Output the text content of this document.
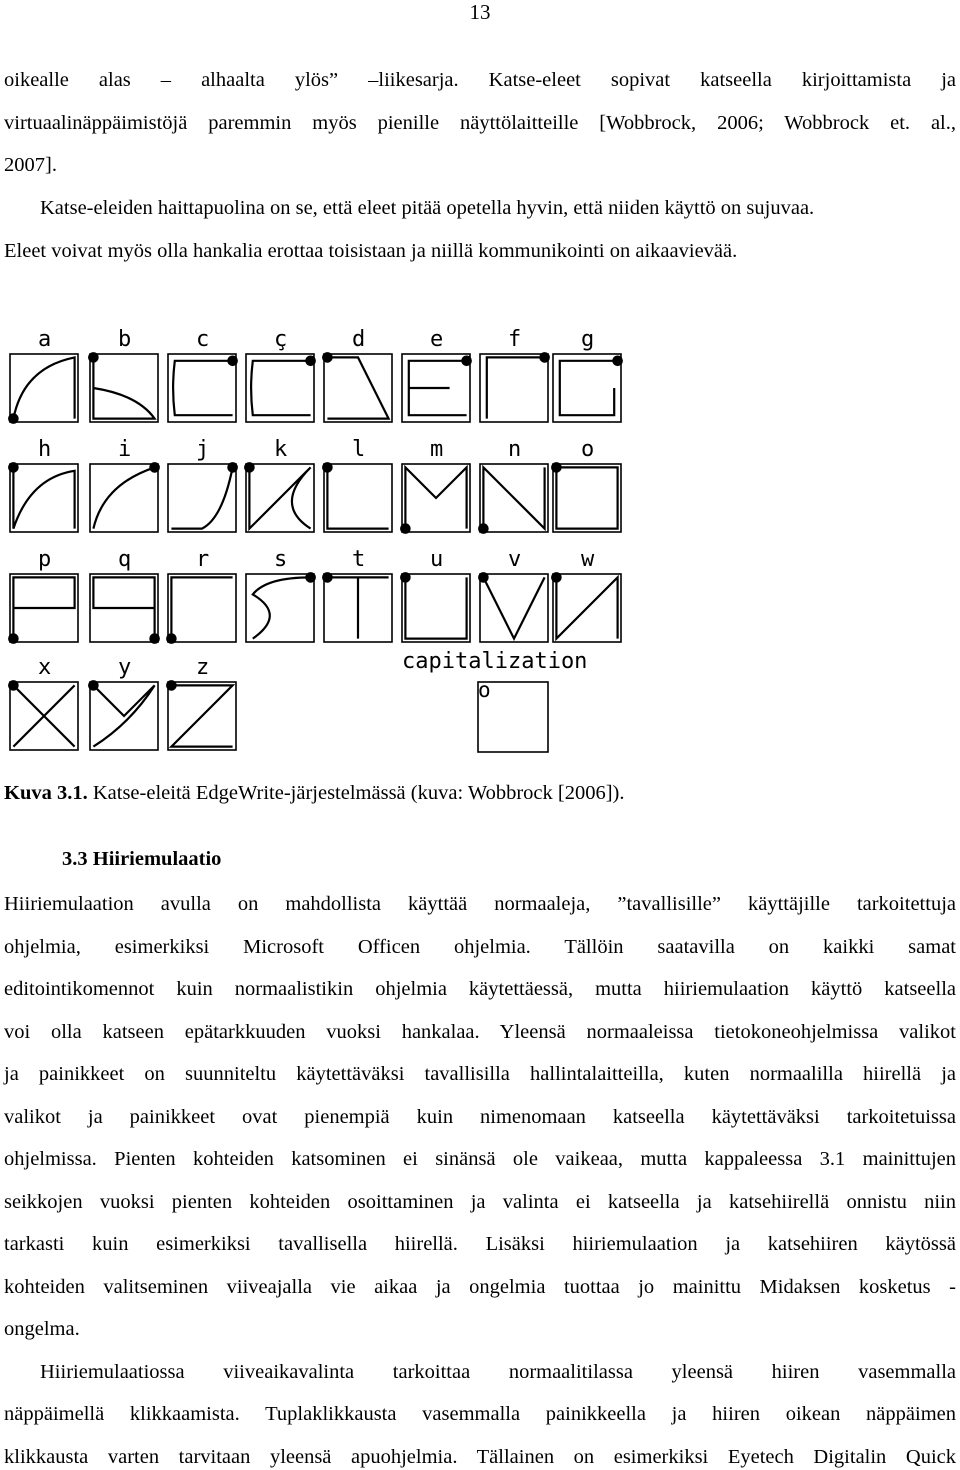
13
oikealle alas – alhaalta ylös” –liikesarja. Katse-eleet sopivat katseella kirjoittamista ja
virtuaalinäppäimistöjä paremmin myös pienille näyttölaitteille [Wobbrock, 2006; Wobbrock et. al.,
2007].
Katse-eleiden haittapuolina on se, että eleet pitää opetella hyvin, että niiden käyttö on sujuvaa.
Eleet voivat myös olla hankalia erottaa toisistaan ja niillä kommunikointi on aikaavievää.
a	b	c	ç	d	e	f	g
h	i	j	k	l	m	n	o
p	q	r	s	t	u	v	w
x	y	z	capitalization
o
Kuva 3.1. Katse-eleitä EdgeWrite-järjestelmässä (kuva: Wobbrock [2006]).
3.3 Hiiriemulaatio
Hiiriemulaation avulla on mahdollista käyttää normaaleja, ”tavallisille” käyttäjille tarkoitettuja
ohjelmia, esimerkiksi Microsoft Officen ohjelmia. Tällöin saatavilla on kaikki samat
editointikomennot kuin normaalistikin ohjelmia käytettäessä, mutta hiiriemulaation käyttö katseella
voi olla katseen epätarkkuuden vuoksi hankalaa. Yleensä normaaleissa tietokoneohjelmissa valikot
ja painikkeet on suunniteltu käytettäväksi tavallisilla hallintalaitteilla, kuten normaalilla hiirellä ja
valikot ja painikkeet ovat pienempiä kuin nimenomaan katseella käytettäväksi tarkoitetuissa
ohjelmissa. Pienten kohteiden katsominen ei sinänsä ole vaikeaa, mutta kappaleessa 3.1 mainittujen
seikkojen vuoksi pienten kohteiden osoittaminen ja valinta ei katseella ja katsehiirellä onnistu niin
tarkasti kuin esimerkiksi tavallisella hiirellä. Lisäksi hiiriemulaation ja katsehiiren käytössä
kohteiden valitseminen viiveajalla vie aikaa ja ongelmia tuottaa jo mainittu Midaksen kosketus -
ongelma.
Hiiriemulaatiossa viiveaikavalinta tarkoittaa normaalitilassa yleensä hiiren vasemmalla
näppäimellä klikkaamista. Tuplaklikkausta vasemmalla painikkeella ja hiiren oikean näppäimen
klikkausta varten tarvitaan yleensä apuohjelmia. Tällainen on esimerkiksi Eyetech Digitalin Quick
